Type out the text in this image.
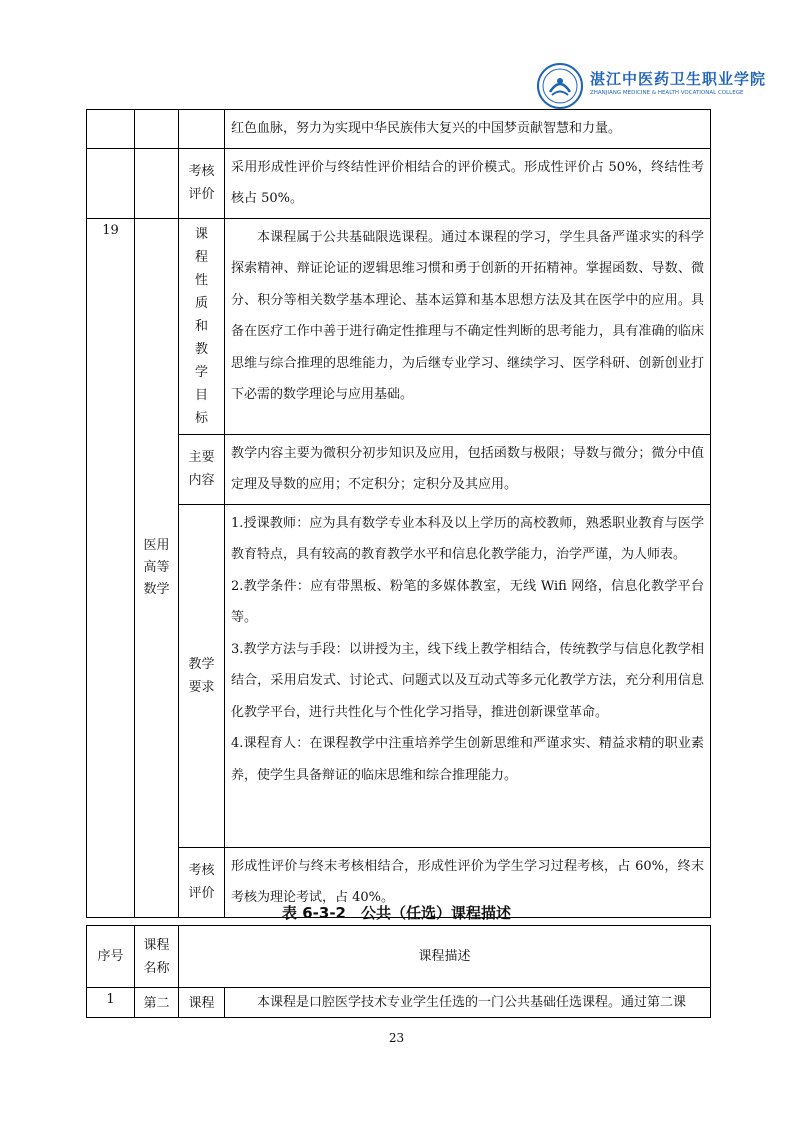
湛江中医药卫生职业学院
ZHANJIANG MEDICINE & HEALTH VOCATIONAL COLLEGE

			红色血脉，努力为实现中华民族伟大复兴的中国梦贡献智慧和力量。

		考核评价	采用形成性评价与终结性评价相结合的评价模式。形成性评价占 50%，终结性考核占 50%。

19	医用高等数学	课程性质和教学目标	本课程属于公共基础限选课程。通过本课程的学习，学生具备严谨求实的科学探索精神、辩证论证的逻辑思维习惯和勇于创新的开拓精神。掌握函数、导数、微分、积分等相关数学基本理论、基本运算和基本思想方法及其在医学中的应用。具备在医疗工作中善于进行确定性推理与不确定性判断的思考能力，具有准确的临床思维与综合推理的思维能力，为后继专业学习、继续学习、医学科研、创新创业打下必需的数学理论与应用基础。

		主要内容	教学内容主要为微积分初步知识及应用，包括函数与极限；导数与微分；微分中值定理及导数的应用；不定积分；定积分及其应用。

		教学要求	1.授课教师：应为具有数学专业本科及以上学历的高校教师，熟悉职业教育与医学教育特点，具有较高的教育教学水平和信息化教学能力，治学严谨，为人师表。

2.教学条件：应有带黑板、粉笔的多媒体教室，无线 Wifi 网络，信息化教学平台等。

3.教学方法与手段：以讲授为主，线下线上教学相结合，传统教学与信息化教学相结合，采用启发式、讨论式、问题式以及互动式等多元化教学方法，充分利用信息化教学平台，进行共性化与个性化学习指导，推进创新课堂革命。

4.课程育人：在课程教学中注重培养学生创新思维和严谨求实、精益求精的职业素养，使学生具备辩证的临床思维和综合推理能力。

		考核评价	形成性评价与终末考核相结合，形成性评价为学生学习过程考核，占 60%，终末考核为理论考试，占 40%。

表 6-3-2　公共（任选）课程描述
序号	课程名称	课程描述	
1	第二	课程	本课程是口腔医学技术专业学生任选的一门公共基础任选课程。通过第二课

23
